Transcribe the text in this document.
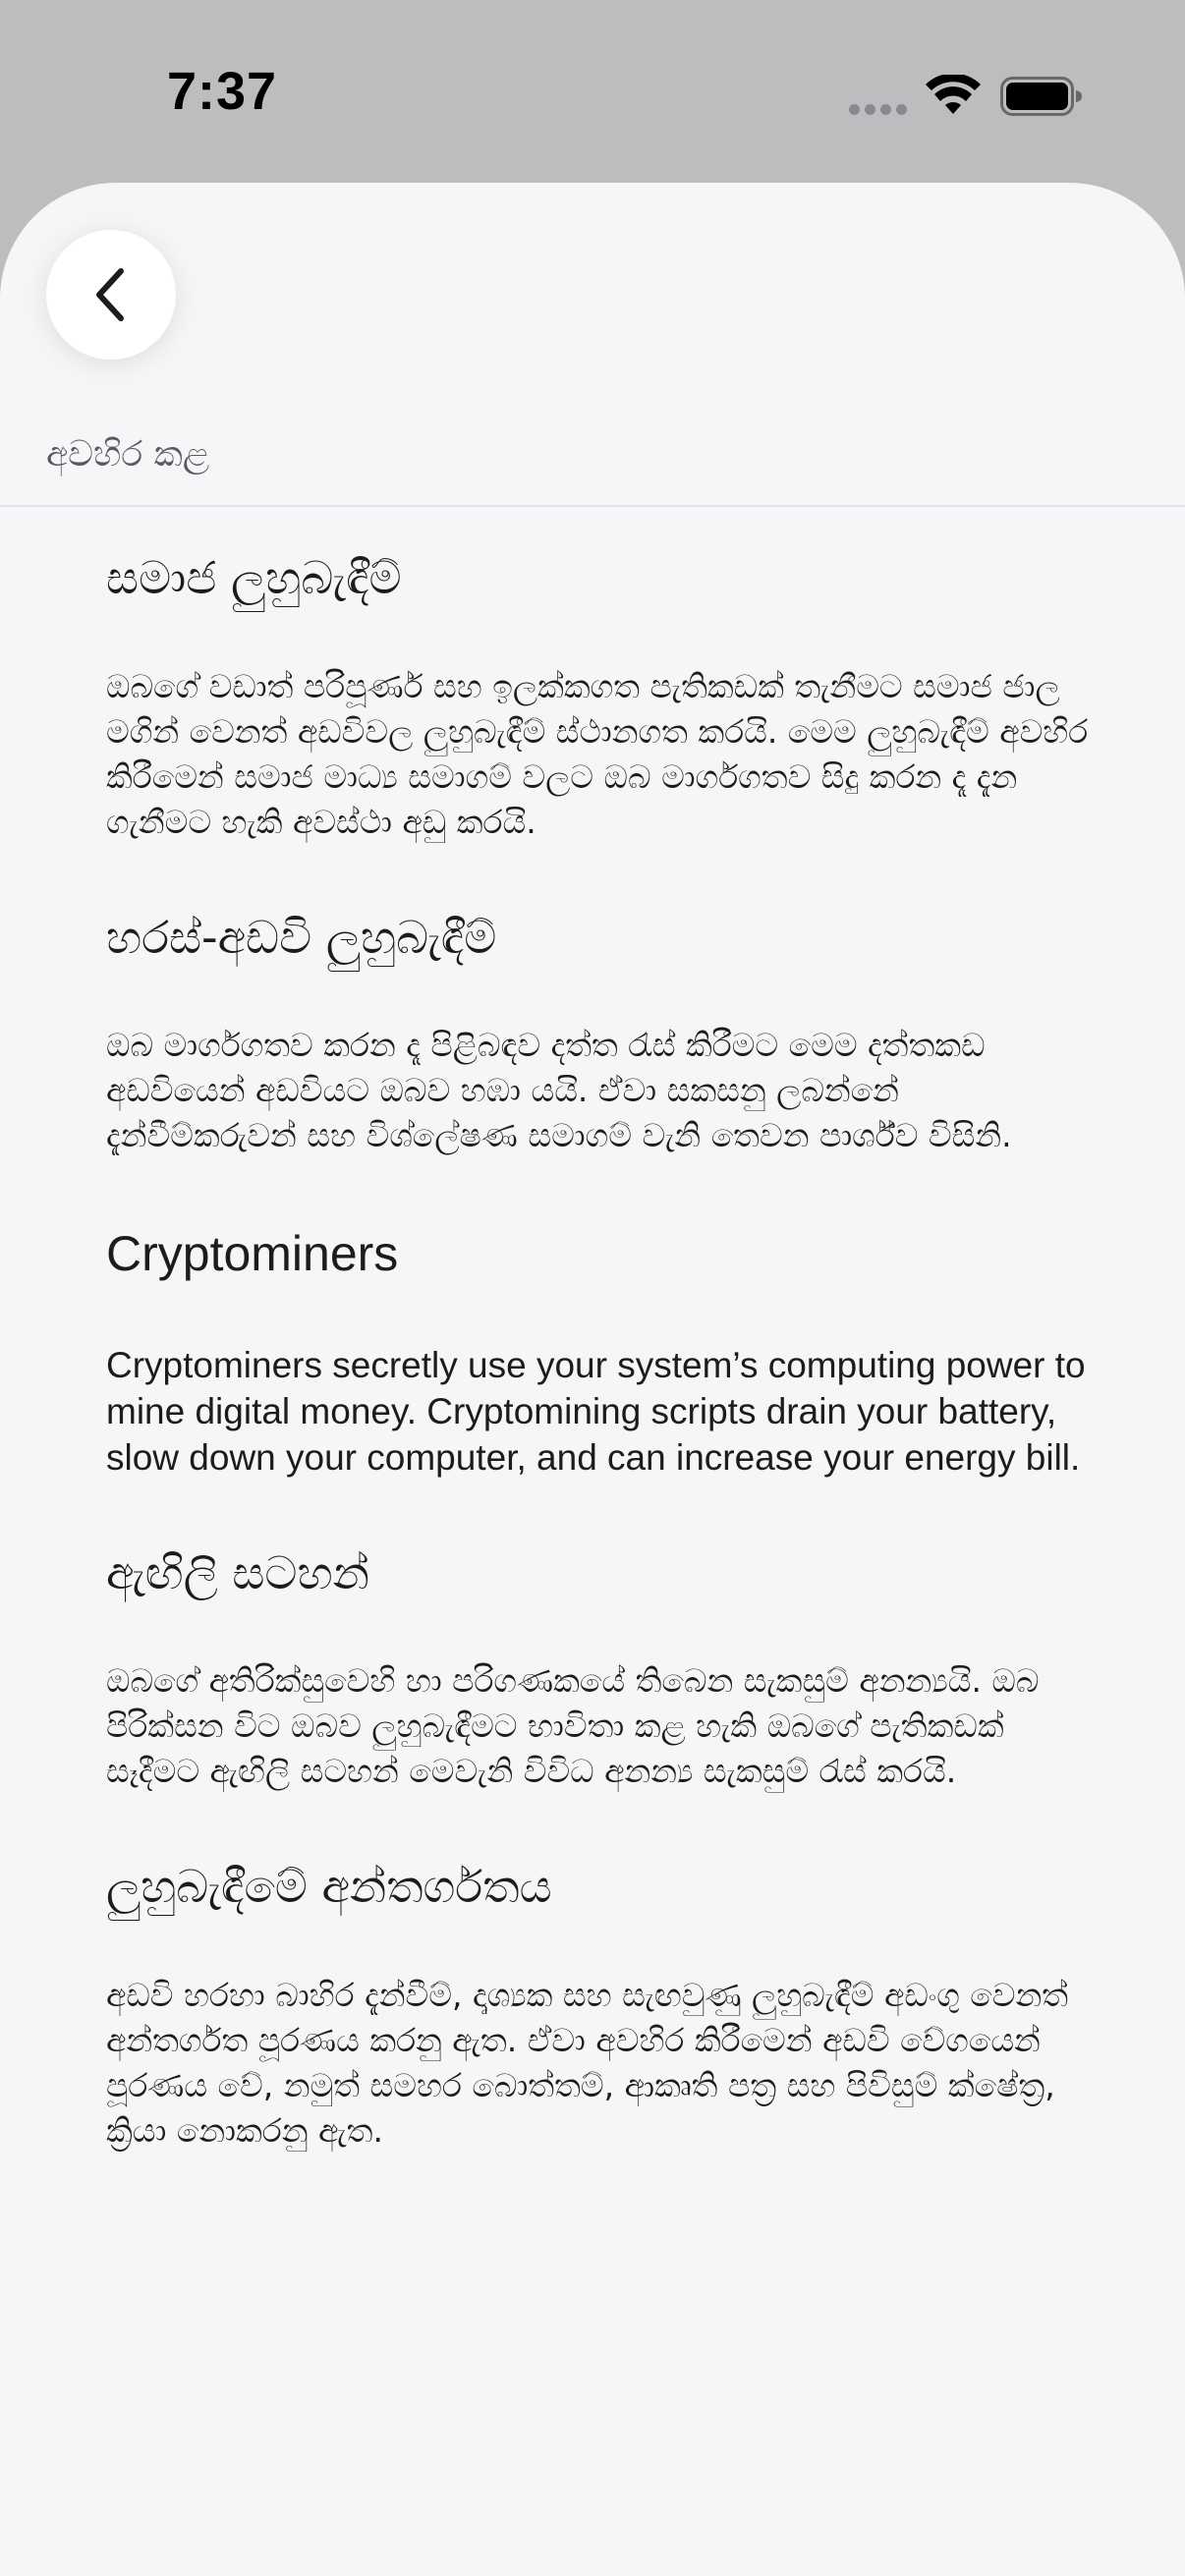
7:37
අවහිර කළ
සමාජ ලුහුබැඳීම්

ඔබගේ වඩාත් පරිපූර්ණ සහ ඉලක්කගත පැතිකඩක් තැනීමට සමාජ ජාල මගින් වෙනත් අඩවිවල ලුහුබැඳීම් ස්ථානගත කරයි. මෙම ලුහුබැඳීම් අවහිර කිරීමෙන් සමාජ මාධ්‍ය සමාගම් වලට ඔබ මාර්ගගතව සිදු කරන දෑ දැන ගැනීමට හැකි අවස්ථා අඩු කරයි.

හරස්-අඩවි ලුහුබැඳීම්

ඔබ මාර්ගගතව කරන දෑ පිළිබඳව දත්ත රැස් කිරීමට මෙම දත්තකඩ අඩවියෙන් අඩවියට ඔබව හඹා යයි. ඒවා සකසනු ලබන්නේ දැන්වීම්කරුවන් සහ විශ්ලේෂණ සමාගම් වැනි තෙවන පාර්ශ්ව විසිනි.

Cryptominers

Cryptominers secretly use your system’s computing power to mine digital money. Cryptomining scripts drain your battery, slow down your computer, and can increase your energy bill.

ඇඟිලි සටහන්

ඔබගේ අතිරික්සුවෙහි හා පරිගණකයේ තිබෙන සැකසුම් අනන්‍යයි. ඔබ පිරික්සන විට ඔබව ලුහුබැඳීමට භාවිතා කළ හැකි ඔබගේ පැතිකඩක් සෑදීමට ඇඟිලි සටහන් මෙවැනි විවිධ අනන්‍ය සැකසුම් රැස් කරයි.

ලුහුබැඳීමේ අන්තර්ගතය

අඩවි හරහා බාහිර දැන්වීම්, දෘශ්‍යක සහ සැඟවුණු ලුහුබැඳීම් අඩංගු වෙනත් අන්තර්ගත පූරණය කරනු ඇත. ඒවා අවහිර කිරීමෙන් අඩවි වේගයෙන් පූරණය වේ, නමුත් සමහර බොත්තම්, ආකෘති පත්‍ර සහ පිවිසුම් ක්ෂේත්‍ර, ක්‍රියා නොකරනු ඇත.
